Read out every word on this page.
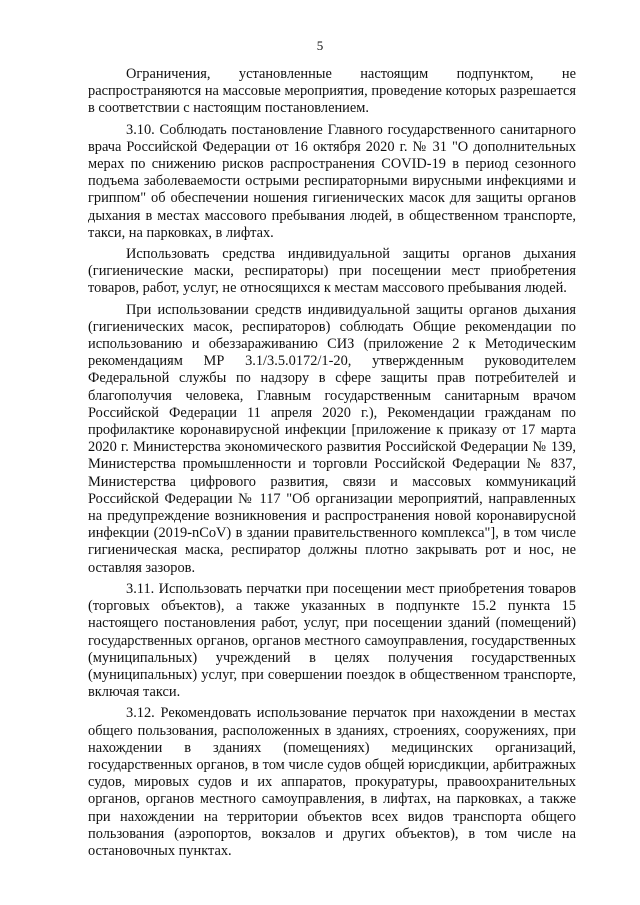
5

Ограничения, установленные настоящим подпунктом, не распространяются на массовые мероприятия, проведение которых разрешается в соответствии с настоящим постановлением.

3.10. Соблюдать постановление Главного государственного санитарного врача Российской Федерации от 16 октября 2020 г. № 31 "О дополнительных мерах по снижению рисков распространения COVID-19 в период сезонного подъема заболеваемости острыми респираторными вирусными инфекциями и гриппом" об обеспечении ношения гигиенических масок для защиты органов дыхания в местах массового пребывания людей, в общественном транспорте, такси, на парковках, в лифтах.

Использовать средства индивидуальной защиты органов дыхания (гигиенические маски, респираторы) при посещении мест приобретения товаров, работ, услуг, не относящихся к местам массового пребывания людей.

При использовании средств индивидуальной защиты органов дыхания (гигиенических масок, респираторов) соблюдать Общие рекомендации по использованию и обеззараживанию СИЗ (приложение 2 к Методическим рекомендациям МР 3.1/3.5.0172/1-20, утвержденным руководителем Федеральной службы по надзору в сфере защиты прав потребителей и благополучия человека, Главным государственным санитарным врачом Российской Федерации 11 апреля 2020 г.), Рекомендации гражданам по профилактике коронавирусной инфекции [приложение к приказу от 17 марта 2020 г. Министерства экономического развития Российской Федерации № 139, Министерства промышленности и торговли Российской Федерации № 837, Министерства цифрового развития, связи и массовых коммуникаций Российской Федерации № 117 "Об организации мероприятий, направленных на предупреждение возникновения и распространения новой коронавирусной инфекции (2019-nCoV) в здании правительственного комплекса"], в том числе гигиеническая маска, респиратор должны плотно закрывать рот и нос, не оставляя зазоров.

3.11. Использовать перчатки при посещении мест приобретения товаров (торговых объектов), а также указанных в подпункте 15.2 пункта 15 настоящего постановления работ, услуг, при посещении зданий (помещений) государственных органов, органов местного самоуправления, государственных (муниципальных) учреждений в целях получения государственных (муниципальных) услуг, при совершении поездок в общественном транспорте, включая такси.

3.12. Рекомендовать использование перчаток при нахождении в местах общего пользования, расположенных в зданиях, строениях, сооружениях, при нахождении в зданиях (помещениях) медицинских организаций, государственных органов, в том числе судов общей юрисдикции, арбитражных судов, мировых судов и их аппаратов, прокуратуры, правоохранительных органов, органов местного самоуправления, в лифтах, на парковках, а также при нахождении на территории объектов всех видов транспорта общего пользования (аэропортов, вокзалов и других объектов), в том числе на остановочных пунктах.
